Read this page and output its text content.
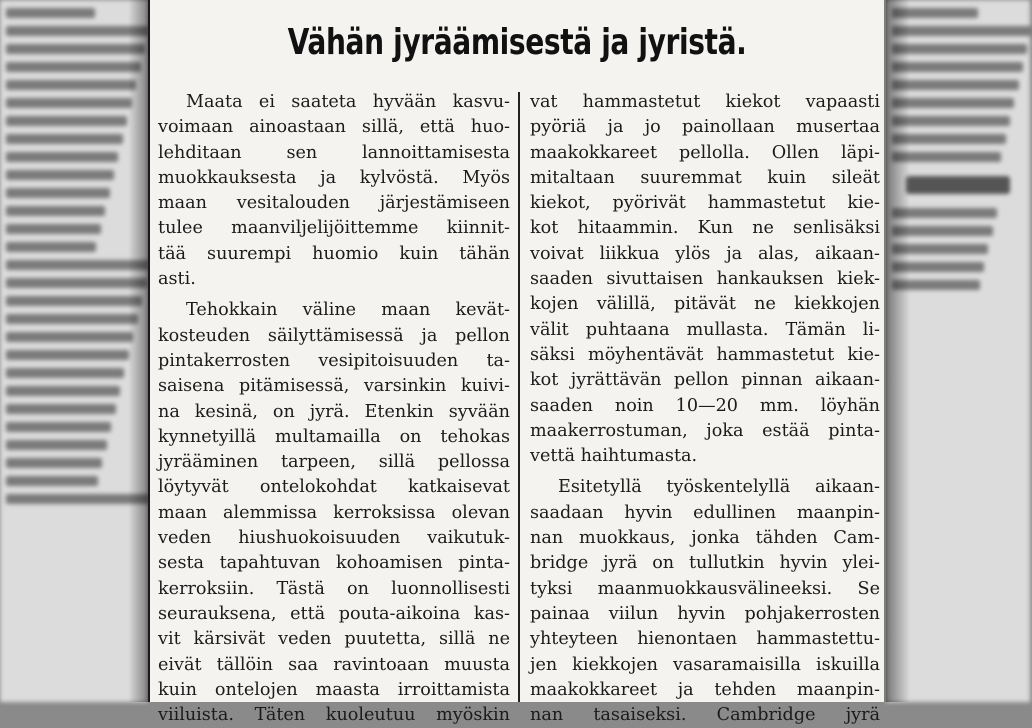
Vähän jyräämisestä ja jyristä.
Maata ei saateta hyvään kasvu-
voimaan ainoastaan sillä, että huo-
lehditaan sen lannoittamisesta
muokkauksesta ja kylvöstä. Myös
maan vesitalouden järjestämiseen
tulee maanviljelijöittemme kiinnit-
tää suurempi huomio kuin tähän
asti.
Tehokkain väline maan kevät-
kosteuden säilyttämisessä ja pellon
pintakerrosten vesipitoisuuden ta-
saisena pitämisessä, varsinkin kuivi-
na kesinä, on jyrä. Etenkin syvään
kynnetyillä multamailla on tehokas
jyrääminen tarpeen, sillä pellossa
löytyvät ontelokohdat katkaisevat
maan alemmissa kerroksissa olevan
veden hiushuokoisuuden vaikutuk-
sesta tapahtuvan kohoamisen pinta-
kerroksiin. Tästä on luonnollisesti
seurauksena, että pouta-aikoina kas-
vit kärsivät veden puutetta, sillä ne
eivät tällöin saa ravintoaan muusta
kuin ontelojen maasta irroittamista
viiluista. Täten kuoleutuu myöskin
vat hammastetut kiekot vapaasti
pyöriä ja jo painollaan musertaa
maakokkareet pellolla. Ollen läpi-
mitaltaan suuremmat kuin sileät
kiekot, pyörivät hammastetut kie-
kot hitaammin. Kun ne senlisäksi
voivat liikkua ylös ja alas, aikaan-
saaden sivuttaisen hankauksen kiek-
kojen välillä, pitävät ne kiekkojen
välit puhtaana mullasta. Tämän li-
säksi möyhentävät hammastetut kie-
kot jyrättävän pellon pinnan aikaan-
saaden noin 10—20 mm. löyhän
maakerrostuman, joka estää pinta-
vettä haihtumasta.
Esitetyllä työskentelyllä aikaan-
saadaan hyvin edullinen maanpin-
nan muokkaus, jonka tähden Cam-
bridge jyrä on tullutkin hyvin ylei-
tyksi maanmuokkausvälineeksi. Se
painaa viilun hyvin pohjakerrosten
yhteyteen hienontaen hammastettu-
jen kiekkojen vasaramaisilla iskuilla
maakokkareet ja tehden maanpin-
nan tasaiseksi. Cambridge jyrä
